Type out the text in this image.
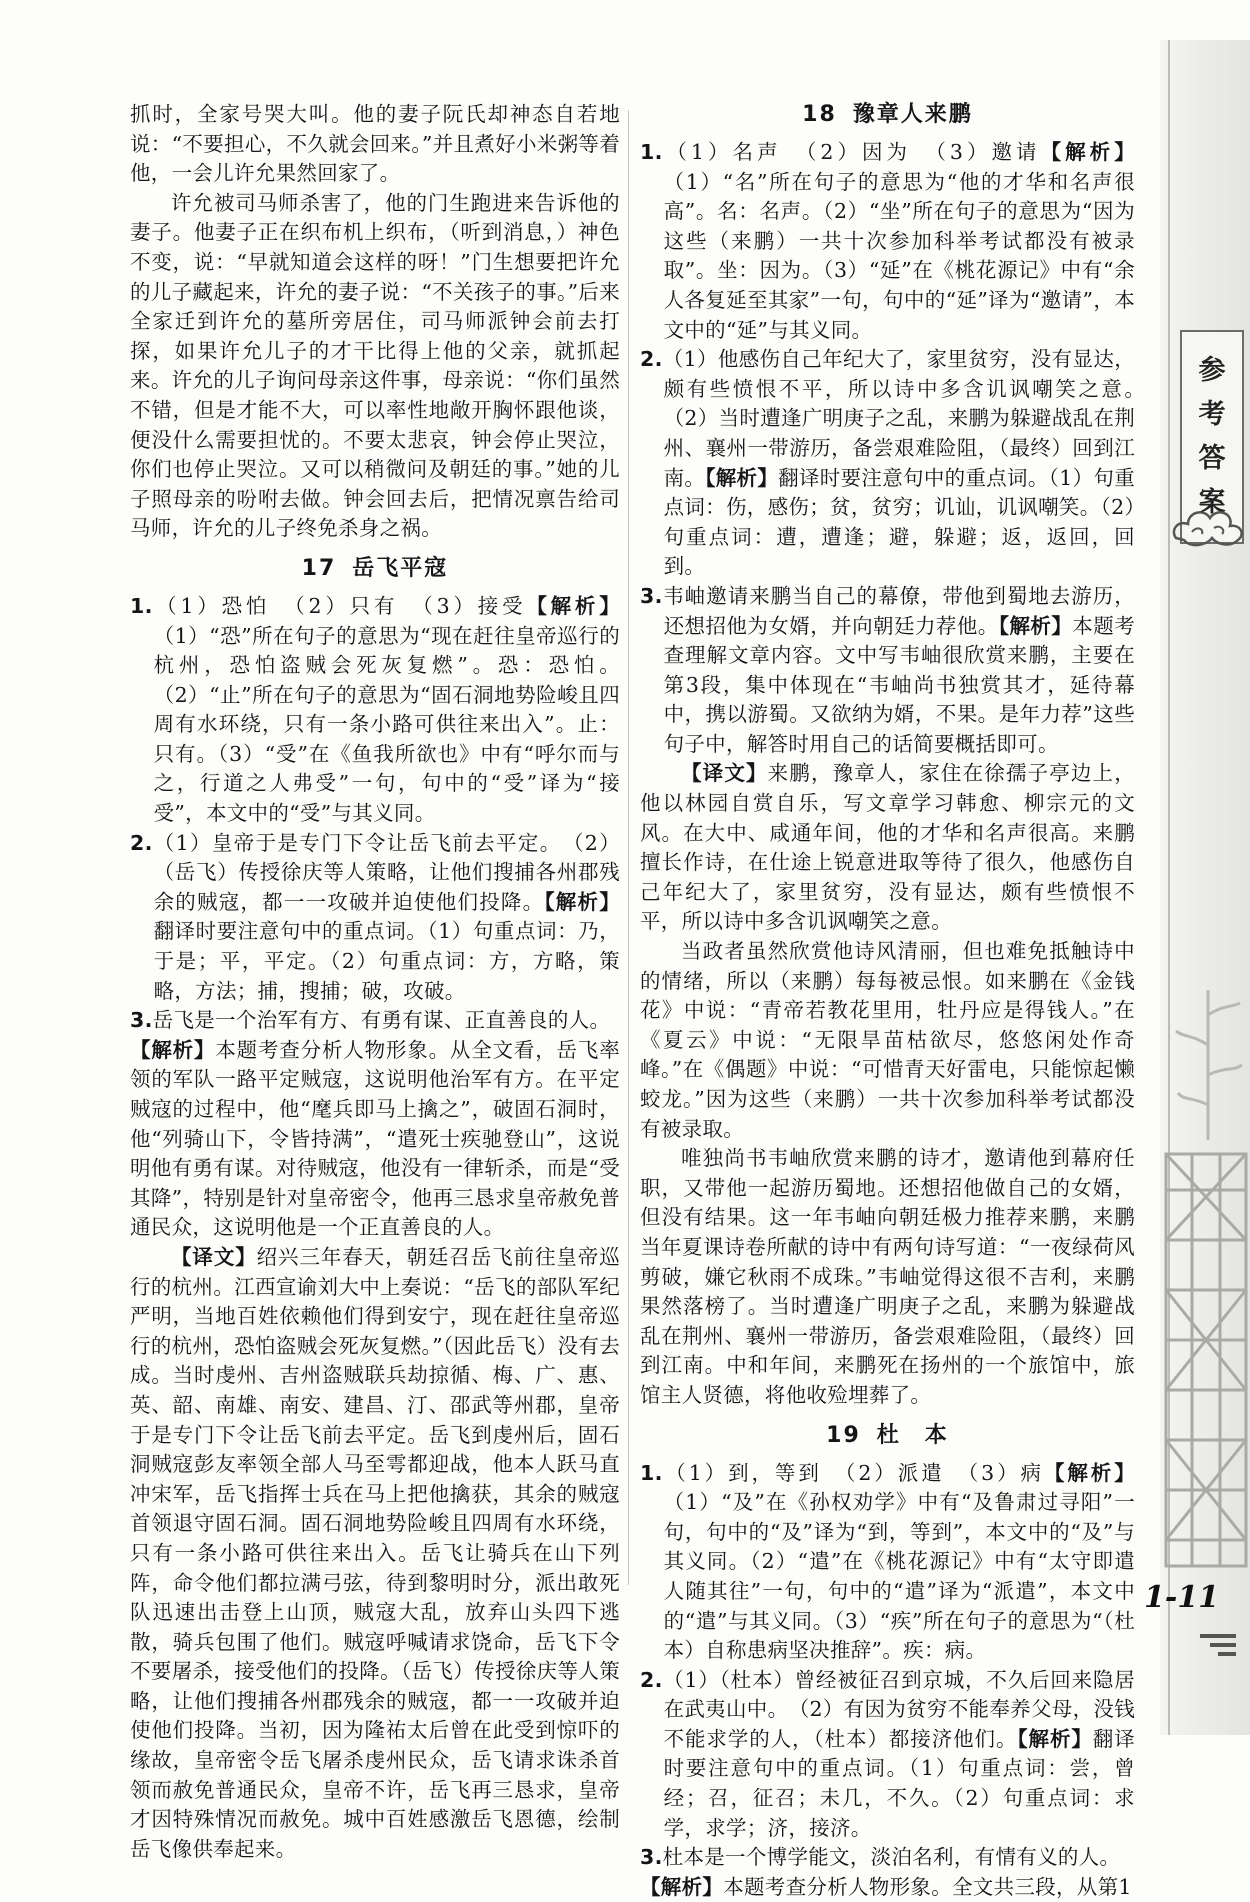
抓时，全家号哭大叫。他的妻子阮氏却神态自若地说：“不要担心，不久就会回来。”并且煮好小米粥等着他，一会儿许允果然回家了。

许允被司马师杀害了，他的门生跑进来告诉他的妻子。他妻子正在织布机上织布，（听到消息，）神色不变，说：“早就知道会这样的呀！”门生想要把许允的儿子藏起来，许允的妻子说：“不关孩子的事。”后来全家迁到许允的墓所旁居住，司马师派钟会前去打探，如果许允儿子的才干比得上他的父亲，就抓起来。许允的儿子询问母亲这件事，母亲说：“你们虽然不错，但是才能不大，可以率性地敞开胸怀跟他谈，便没什么需要担忧的。不要太悲哀，钟会停止哭泣，你们也停止哭泣。又可以稍微问及朝廷的事。”她的儿子照母亲的吩咐去做。钟会回去后，把情况禀告给司马师，许允的儿子终免杀身之祸。

17 岳飞平寇

1.（1）恐怕　（2）只有　（3）接受【解析】（1）“恐”所在句子的意思为“现在赶往皇帝巡行的杭州，恐怕盗贼会死灰复燃”。恐：恐怕。（2）“止”所在句子的意思为“固石洞地势险峻且四周有水环绕，只有一条小路可供往来出入”。止：只有。（3）“受”在《鱼我所欲也》中有“呼尔而与之，行道之人弗受”一句，句中的“受”译为“接受”，本文中的“受”与其义同。

2.（1）皇帝于是专门下令让岳飞前去平定。　（2）（岳飞）传授徐庆等人策略，让他们搜捕各州郡残余的贼寇，都一一攻破并迫使他们投降。【解析】翻译时要注意句中的重点词。（1）句重点词：乃，于是；平，平定。（2）句重点词：方，方略，策略，方法；捕，搜捕；破，攻破。

3.岳飞是一个治军有方、有勇有谋、正直善良的人。

【解析】本题考查分析人物形象。从全文看，岳飞率领的军队一路平定贼寇，这说明他治军有方。在平定贼寇的过程中，他“麾兵即马上擒之”，破固石洞时，他“列骑山下，令皆持满”，“遣死士疾驰登山”，这说明他有勇有谋。对待贼寇，他没有一律斩杀，而是“受其降”，特别是针对皇帝密令，他再三恳求皇帝赦免普通民众，这说明他是一个正直善良的人。

【译文】绍兴三年春天，朝廷召岳飞前往皇帝巡行的杭州。江西宣谕刘大中上奏说：“岳飞的部队军纪严明，当地百姓依赖他们得到安宁，现在赶往皇帝巡行的杭州，恐怕盗贼会死灰复燃。”（因此岳飞）没有去成。当时虔州、吉州盗贼联兵劫掠循、梅、广、惠、英、韶、南雄、南安、建昌、汀、邵武等州郡，皇帝于是专门下令让岳飞前去平定。岳飞到虔州后，固石洞贼寇彭友率领全部人马至雩都迎战，他本人跃马直冲宋军，岳飞指挥士兵在马上把他擒获，其余的贼寇首领退守固石洞。固石洞地势险峻且四周有水环绕，只有一条小路可供往来出入。岳飞让骑兵在山下列阵，命令他们都拉满弓弦，待到黎明时分，派出敢死队迅速出击登上山顶，贼寇大乱，放弃山头四下逃散，骑兵包围了他们。贼寇呼喊请求饶命，岳飞下令不要屠杀，接受他们的投降。（岳飞）传授徐庆等人策略，让他们搜捕各州郡残余的贼寇，都一一攻破并迫使他们投降。当初，因为隆祐太后曾在此受到惊吓的缘故，皇帝密令岳飞屠杀虔州民众，岳飞请求诛杀首领而赦免普通民众，皇帝不许，岳飞再三恳求，皇帝才因特殊情况而赦免。城中百姓感激岳飞恩德，绘制岳飞像供奉起来。

18 豫章人来鹏

1.（1）名声　（2）因为　（3）邀请【解析】（1）“名”所在句子的意思为“他的才华和名声很高”。名：名声。（2）“坐”所在句子的意思为“因为这些（来鹏）一共十次参加科举考试都没有被录取”。坐：因为。（3）“延”在《桃花源记》中有“余人各复延至其家”一句，句中的“延”译为“邀请”，本文中的“延”与其义同。

2.（1）他感伤自己年纪大了，家里贫穷，没有显达，颇有些愤恨不平，所以诗中多含讥讽嘲笑之意。　（2）当时遭逢广明庚子之乱，来鹏为躲避战乱在荆州、襄州一带游历，备尝艰难险阻，（最终）回到江南。【解析】翻译时要注意句中的重点词。（1）句重点词：伤，感伤；贫，贫穷；讥讪，讥讽嘲笑。（2）句重点词：遭，遭逢；避，躲避；返，返回，回到。

3.韦岫邀请来鹏当自己的幕僚，带他到蜀地去游历，还想招他为女婿，并向朝廷力荐他。【解析】本题考查理解文章内容。文中写韦岫很欣赏来鹏，主要在第3段，集中体现在“韦岫尚书独赏其才，延待幕中，携以游蜀。又欲纳为婿，不果。是年力荐”这些句子中，解答时用自己的话简要概括即可。

【译文】来鹏，豫章人，家住在徐孺子亭边上，他以林园自赏自乐，写文章学习韩愈、柳宗元的文风。在大中、咸通年间，他的才华和名声很高。来鹏擅长作诗，在仕途上锐意进取等待了很久，他感伤自己年纪大了，家里贫穷，没有显达，颇有些愤恨不平，所以诗中多含讥讽嘲笑之意。

当政者虽然欣赏他诗风清丽，但也难免抵触诗中的情绪，所以（来鹏）每每被忌恨。如来鹏在《金钱花》中说：“青帝若教花里用，牡丹应是得钱人。”在《夏云》中说：“无限旱苗枯欲尽，悠悠闲处作奇峰。”在《偶题》中说：“可惜青天好雷电，只能惊起懒蛟龙。”因为这些（来鹏）一共十次参加科举考试都没有被录取。

唯独尚书韦岫欣赏来鹏的诗才，邀请他到幕府任职，又带他一起游历蜀地。还想招他做自己的女婿，但没有结果。这一年韦岫向朝廷极力推荐来鹏，来鹏当年夏课诗卷所献的诗中有两句诗写道：“一夜绿荷风剪破，嫌它秋雨不成珠。”韦岫觉得这很不吉利，来鹏果然落榜了。当时遭逢广明庚子之乱，来鹏为躲避战乱在荆州、襄州一带游历，备尝艰难险阻，（最终）回到江南。中和年间，来鹏死在扬州的一个旅馆中，旅馆主人贤德，将他收殓埋葬了。

19 杜　本

1.（1）到，等到　（2）派遣　（3）病【解析】（1）“及”在《孙权劝学》中有“及鲁肃过寻阳”一句，句中的“及”译为“到，等到”，本文中的“及”与其义同。（2）“遣”在《桃花源记》中有“太守即遣人随其往”一句，句中的“遣”译为“派遣”，本文中的“遣”与其义同。（3）“疾”所在句子的意思为“（杜本）自称患病坚决推辞”。疾：病。

2.（1）（杜本）曾经被征召到京城，不久后回来隐居在武夷山中。　（2）有因为贫穷不能奉养父母，没钱不能求学的人，（杜本）都接济他们。【解析】翻译时要注意句中的重点词。（1）句重点词：尝，曾经；召，征召；未几，不久。（2）句重点词：求学，求学；济，接济。

3.杜本是一个博学能文，淡泊名利，有情有义的人。

【解析】本题考查分析人物形象。全文共三段，从第1

参
考
答
案
1-11
